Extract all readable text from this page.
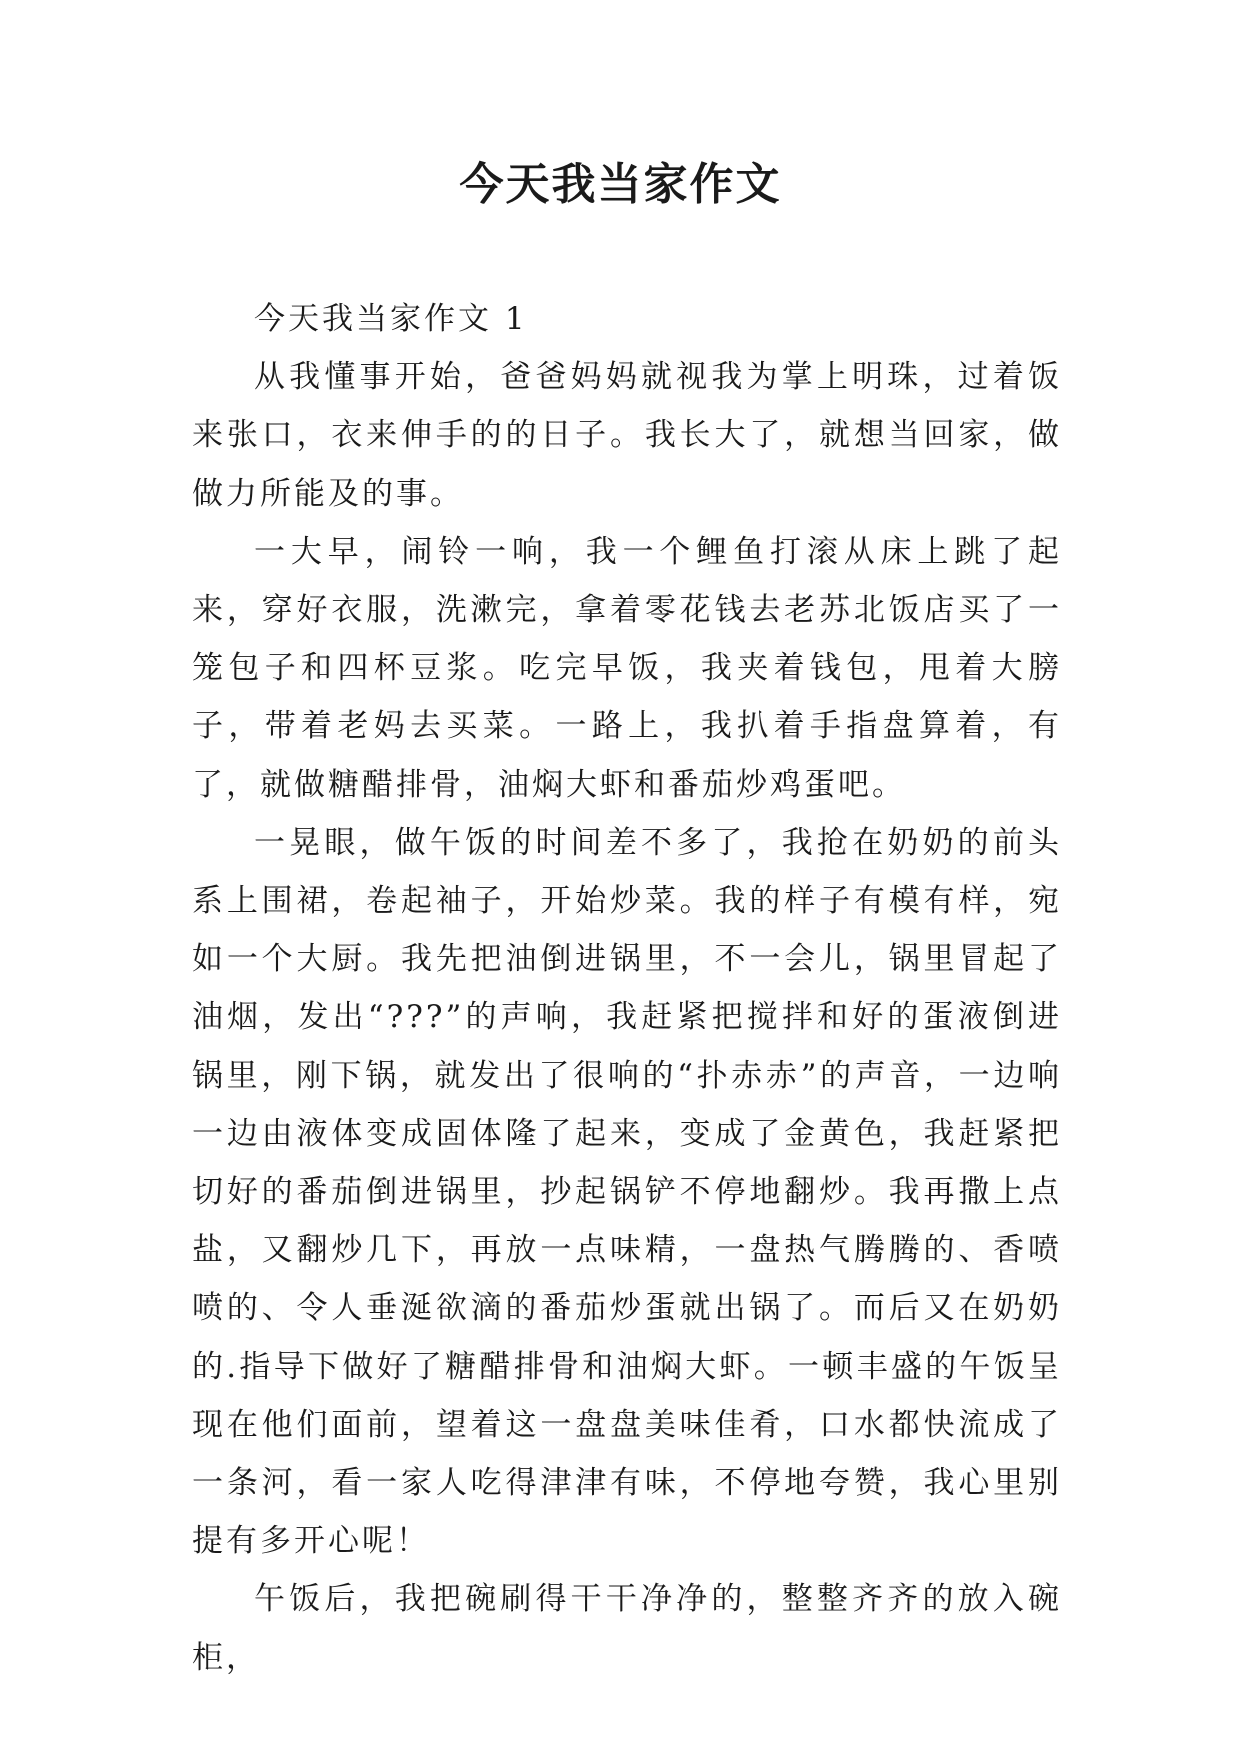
今天我当家作文

今天我当家作文 1

从我懂事开始，爸爸妈妈就视我为掌上明珠，过着饭来张口，衣来伸手的的日子。我长大了，就想当回家，做做力所能及的事。

一大早，闹铃一响，我一个鲤鱼打滚从床上跳了起来，穿好衣服，洗漱完，拿着零花钱去老苏北饭店买了一笼包子和四杯豆浆。吃完早饭，我夹着钱包，甩着大膀子，带着老妈去买菜。一路上，我扒着手指盘算着，有了，就做糖醋排骨，油焖大虾和番茄炒鸡蛋吧。

一晃眼，做午饭的时间差不多了，我抢在奶奶的前头系上围裙，卷起袖子，开始炒菜。我的样子有模有样，宛如一个大厨。我先把油倒进锅里，不一会儿，锅里冒起了油烟，发出“???”的声响，我赶紧把搅拌和好的蛋液倒进锅里，刚下锅，就发出了很响的“扑赤赤”的声音，一边响一边由液体变成固体隆了起来，变成了金黄色，我赶紧把切好的番茄倒进锅里，抄起锅铲不停地翻炒。我再撒上点盐，又翻炒几下，再放一点味精，一盘热气腾腾的、香喷喷的、令人垂涎欲滴的番茄炒蛋就出锅了。而后又在奶奶的.指导下做好了糖醋排骨和油焖大虾。一顿丰盛的午饭呈现在他们面前，望着这一盘盘美味佳肴，口水都快流成了一条河，看一家人吃得津津有味，不停地夸赞，我心里别提有多开心呢！

午饭后，我把碗刷得干干净净的，整整齐齐的放入碗柜，
